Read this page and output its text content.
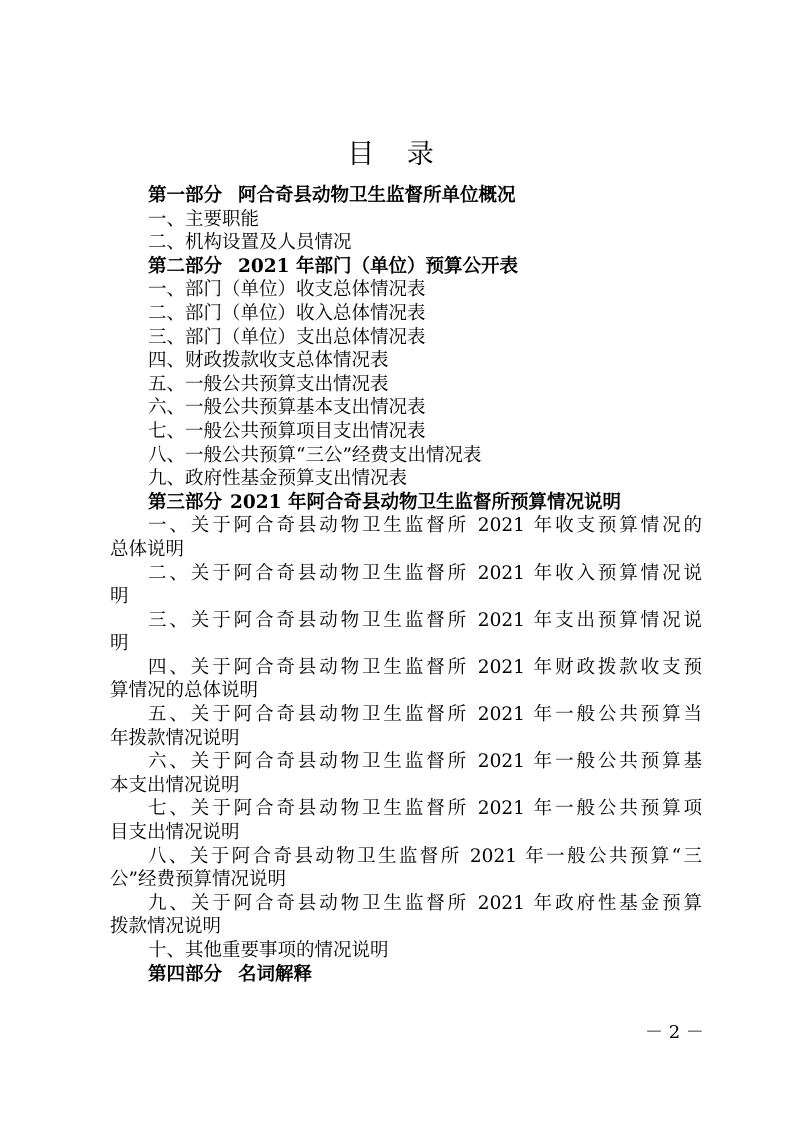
目 录
第一部分 阿合奇县动物卫生监督所单位概况
一、主要职能
二、机构设置及人员情况
第二部分 2021 年部门（单位）预算公开表
一、部门（单位）收支总体情况表
二、部门（单位）收入总体情况表
三、部门（单位）支出总体情况表
四、财政拨款收支总体情况表
五、一般公共预算支出情况表
六、一般公共预算基本支出情况表
七、一般公共预算项目支出情况表
八、一般公共预算“三公”经费支出情况表
九、政府性基金预算支出情况表
第三部分 2021 年阿合奇县动物卫生监督所预算情况说明
一、关于阿合奇县动物卫生监督所 2021 年收支预算情况的
总体说明
二、关于阿合奇县动物卫生监督所 2021 年收入预算情况说
明
三、关于阿合奇县动物卫生监督所 2021 年支出预算情况说
明
四、关于阿合奇县动物卫生监督所 2021 年财政拨款收支预
算情况的总体说明
五、关于阿合奇县动物卫生监督所 2021 年一般公共预算当
年拨款情况说明
六、关于阿合奇县动物卫生监督所 2021 年一般公共预算基
本支出情况说明
七、关于阿合奇县动物卫生监督所 2021 年一般公共预算项
目支出情况说明
八、关于阿合奇县动物卫生监督所 2021 年一般公共预算“三
公”经费预算情况说明
九、关于阿合奇县动物卫生监督所 2021 年政府性基金预算
拨款情况说明
十、其他重要事项的情况说明
第四部分 名词解释
－ 2 －
